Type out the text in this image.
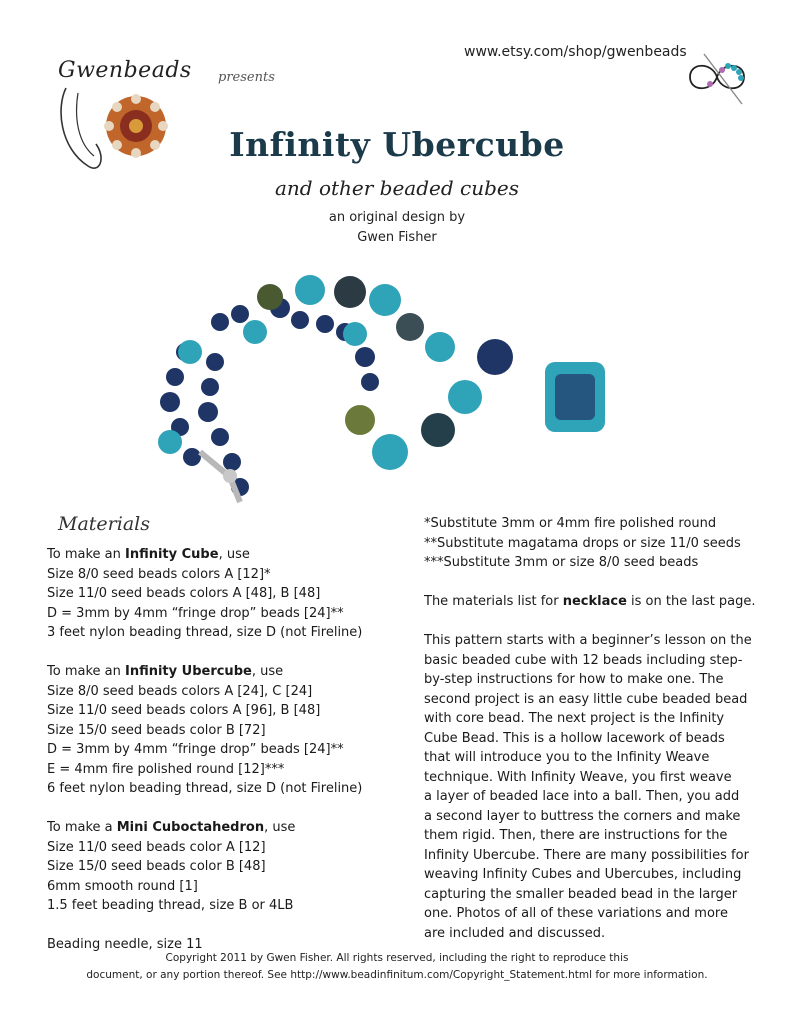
Gwenbeads presents
www.etsy.com/shop/gwenbeads
Infinity Ubercube
and other beaded cubes
an original design by
Gwen Fisher
Materials

To make an Infinity Cube, use

Size 8/0 seed beads colors A [12]*

Size 11/0 seed beads colors A [48], B [48]

D = 3mm by 4mm “fringe drop” beads [24]**

3 feet nylon beading thread, size D (not Fireline)

To make an Infinity Ubercube, use

Size 8/0 seed beads colors A [24], C [24]

Size 11/0 seed beads colors A [96], B [48]

Size 15/0 seed beads color B [72]

D = 3mm by 4mm “fringe drop” beads [24]**

E = 4mm fire polished round [12]***

6 feet nylon beading thread, size D (not Fireline)

To make a Mini Cuboctahedron, use

Size 11/0 seed beads color A [12]

Size 15/0 seed beads color B [48]

6mm smooth round [1]

1.5 feet beading thread, size B or 4LB

Beading needle, size 11

*Substitute 3mm or 4mm fire polished round

**Substitute magatama drops or size 11/0 seeds

***Substitute 3mm or size 8/0 seed beads

The materials list for necklace is on the last page.

This pattern starts with a beginner’s lesson on the

basic beaded cube with 12 beads including step-

by-step instructions for how to make one. The

second project is an easy little cube beaded bead

with core bead. The next project is the Infinity

Cube Bead. This is a hollow lacework of beads

that will introduce you to the Infinity Weave

technique. With Infinity Weave, you first weave

a layer of beaded lace into a ball. Then, you add

a second layer to buttress the corners and make

them rigid. Then, there are instructions for the

Infinity Ubercube. There are many possibilities for

weaving Infinity Cubes and Ubercubes, including

capturing the smaller beaded bead in the larger

one. Photos of all of these variations and more

are included and discussed.

Copyright 2011 by Gwen Fisher. All rights reserved, including the right to reproduce this
document, or any portion thereof. See http://www.beadinfinitum.com/Copyright_Statement.html for more information.
